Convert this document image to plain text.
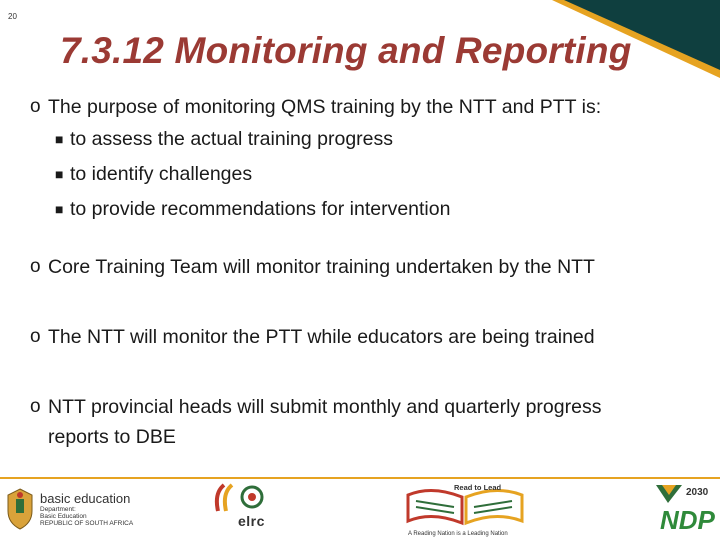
20
7.3.12 Monitoring and Reporting
o The purpose of monitoring QMS training by the NTT and PTT is:
■ to assess the actual training progress
■ to identify challenges
■ to provide recommendations for intervention
o Core Training Team will monitor training undertaken by the NTT
o The NTT will monitor the PTT while educators are being trained
o NTT provincial heads will submit monthly and quarterly progress
reports to DBE
basic education
Department:
Basic Education
REPUBLIC OF SOUTH AFRICA	elrc
Read to Lead
A Reading Nation is a Leading Nation
2030
NDP
